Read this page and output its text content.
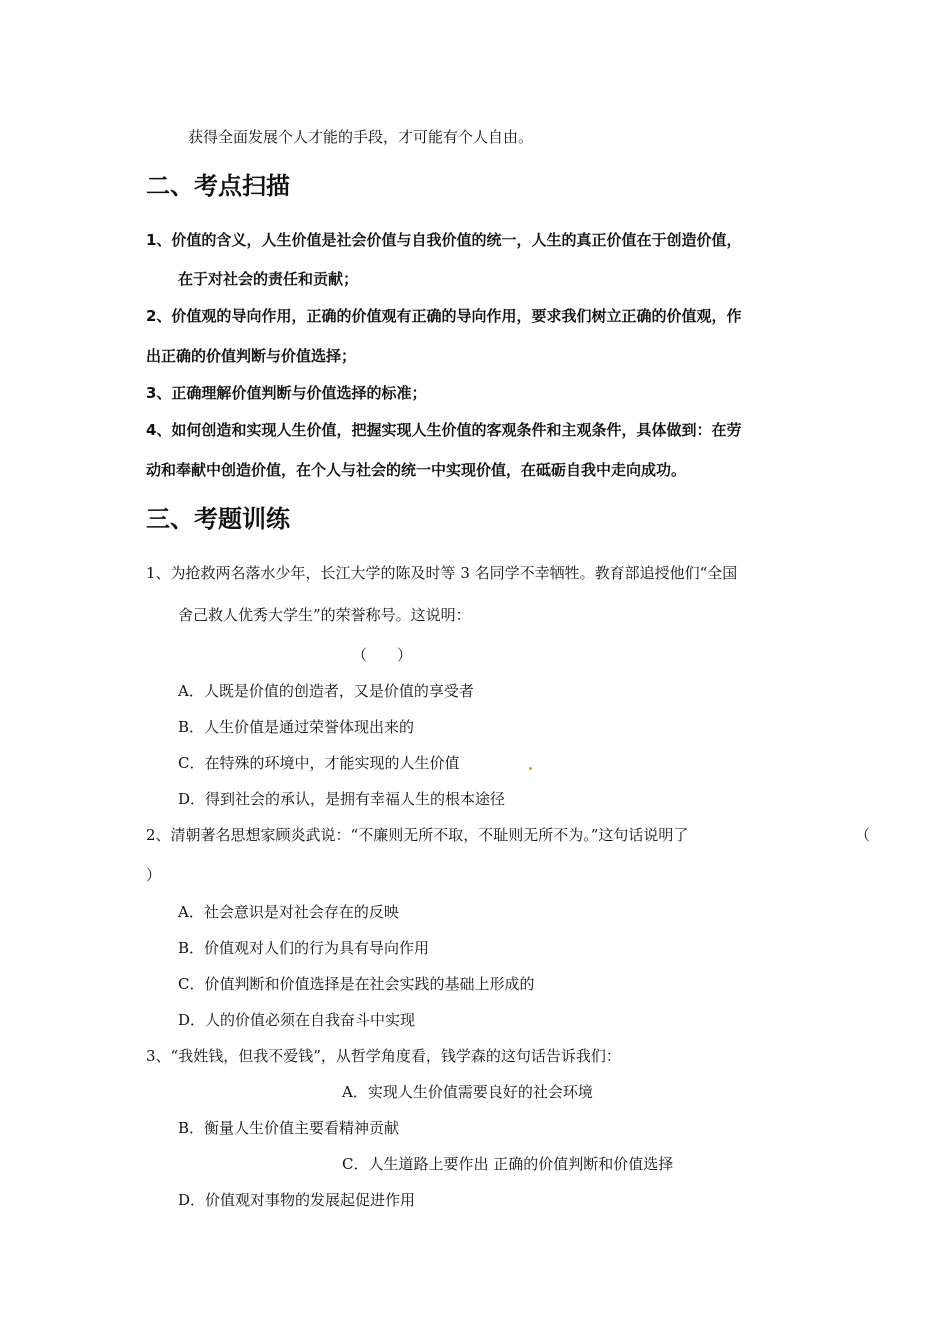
获得全面发展个人才能的手段，才可能有个人自由。
二、考点扫描
1、价值的含义，人生价值是社会价值与自我价值的统一，人生的真正价值在于创造价值，
在于对社会的责任和贡献；
2、价值观的导向作用，正确的价值观有正确的导向作用，要求我们树立正确的价值观，作
出正确的价值判断与价值选择；
3、正确理解价值判断与价值选择的标准；
4、如何创造和实现人生价值，把握实现人生价值的客观条件和主观条件，具体做到：在劳
动和奉献中创造价值，在个人与社会的统一中实现价值，在砥砺自我中走向成功。
三、考题训练
1、为抢救两名落水少年，长江大学的陈及时等 3 名同学不幸牺牲。教育部追授他们“全国
舍己救人优秀大学生”的荣誉称号。这说明：
（　　）
A．人既是价值的创造者，又是价值的享受者
B．人生价值是通过荣誉体现出来的
C．在特殊的环境中，才能实现的人生价值
D．得到社会的承认，是拥有幸福人生的根本途径
2、清朝著名思想家顾炎武说：“不廉则无所不取，不耻则无所不为。”这句话说明了	（
）
A．社会意识是对社会存在的反映
B．价值观对人们的行为具有导向作用
C．价值判断和价值选择是在社会实践的基础上形成的
D．人的价值必须在自我奋斗中实现
3、“我姓钱，但我不爱钱”，从哲学角度看，钱学森的这句话告诉我们：
A．实现人生价值需要良好的社会环境
B．衡量人生价值主要看精神贡献
C．人生道路上要作出 正确的价值判断和价值选择
D．价值观对事物的发展起促进作用
